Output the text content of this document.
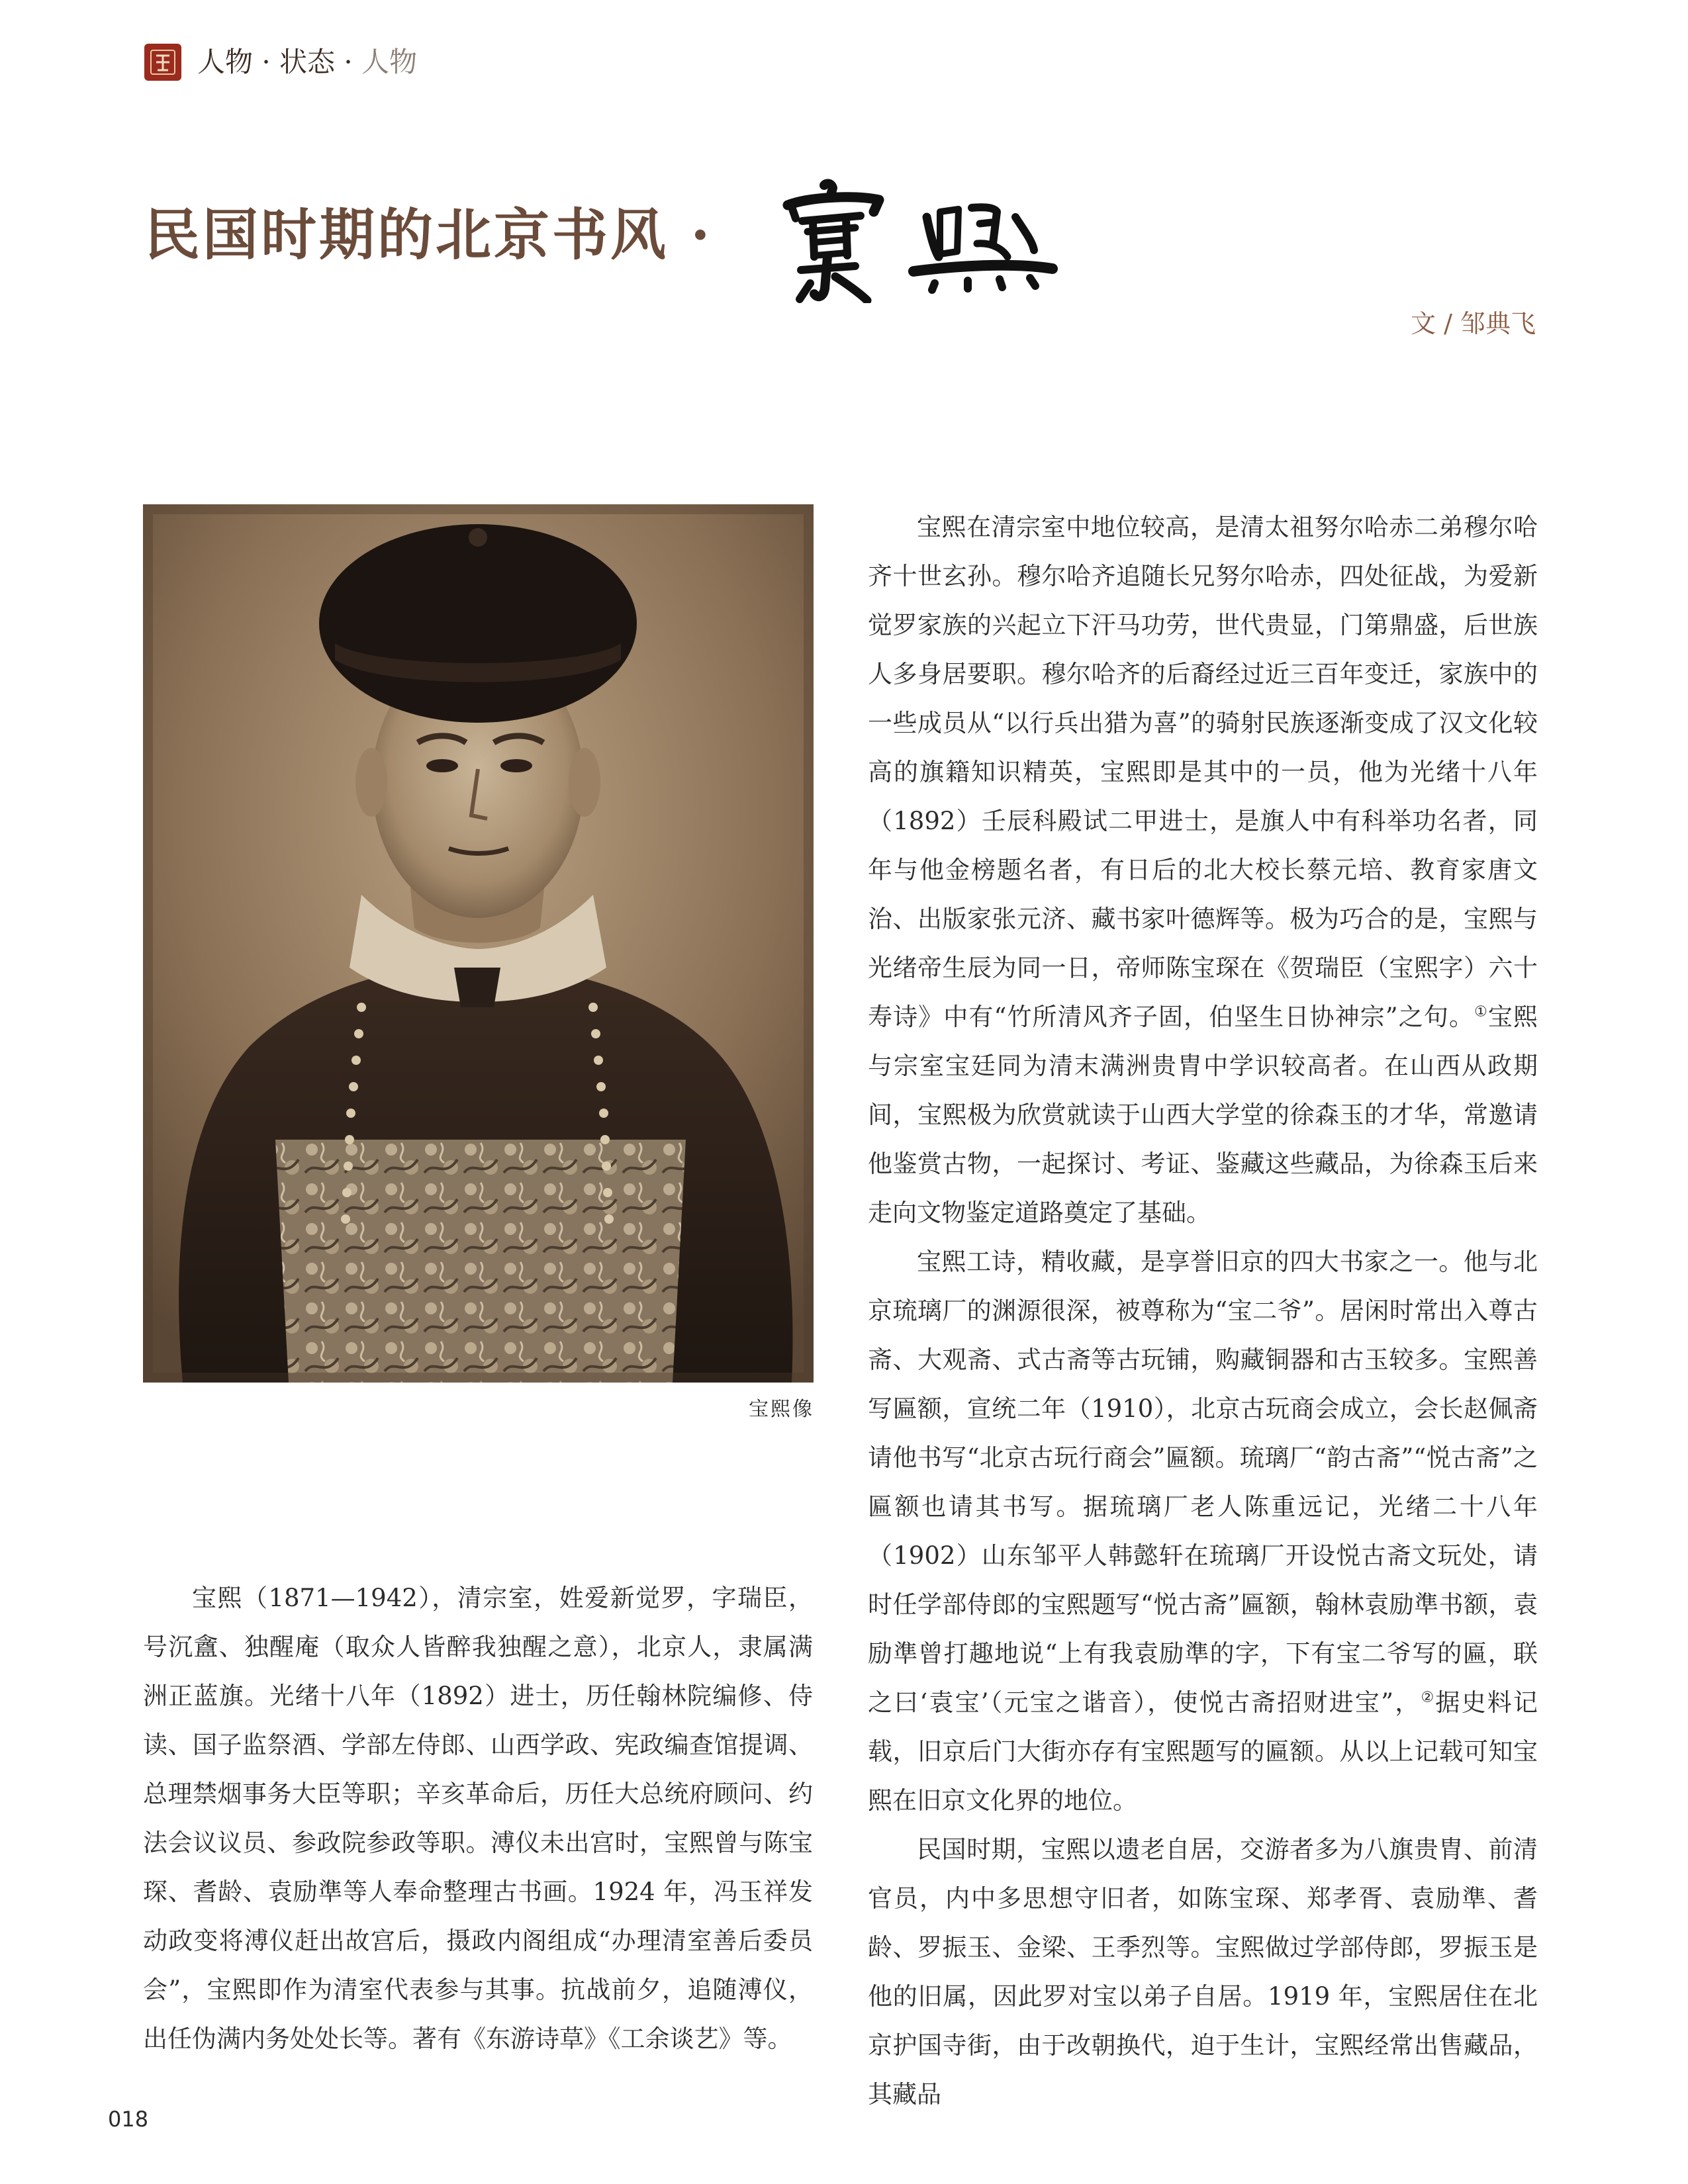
人物 · 状态 · 人物
民国时期的北京书风 ·
文 / 邹典飞
宝熙像

宝熙（1871—1942），清宗室，姓爱新觉罗，字瑞臣，号沉盦、独醒庵（取众人皆醉我独醒之意），北京人，隶属满洲正蓝旗。光绪十八年（1892）进士，历任翰林院编修、侍读、国子监祭酒、学部左侍郎、山西学政、宪政编查馆提调、总理禁烟事务大臣等职；辛亥革命后，历任大总统府顾问、约法会议议员、参政院参政等职。溥仪未出宫时，宝熙曾与陈宝琛、耆龄、袁励準等人奉命整理古书画。1924 年，冯玉祥发动政变将溥仪赶出故宫后，摄政内阁组成“办理清室善后委员会”，宝熙即作为清室代表参与其事。抗战前夕，追随溥仪，出任伪满内务处处长等。著有《东游诗草》《工余谈艺》等。

宝熙在清宗室中地位较高，是清太祖努尔哈赤二弟穆尔哈齐十世玄孙。穆尔哈齐追随长兄努尔哈赤，四处征战，为爱新觉罗家族的兴起立下汗马功劳，世代贵显，门第鼎盛，后世族人多身居要职。穆尔哈齐的后裔经过近三百年变迁，家族中的一些成员从“以行兵出猎为喜”的骑射民族逐渐变成了汉文化较高的旗籍知识精英，宝熙即是其中的一员，他为光绪十八年（1892）壬辰科殿试二甲进士，是旗人中有科举功名者，同年与他金榜题名者，有日后的北大校长蔡元培、教育家唐文治、出版家张元济、藏书家叶德辉等。极为巧合的是，宝熙与光绪帝生辰为同一日，帝师陈宝琛在《贺瑞臣（宝熙字）六十寿诗》中有“竹所清风齐子固，伯坚生日协神宗”之句。①宝熙与宗室宝廷同为清末满洲贵胄中学识较高者。在山西从政期间，宝熙极为欣赏就读于山西大学堂的徐森玉的才华，常邀请他鉴赏古物，一起探讨、考证、鉴藏这些藏品，为徐森玉后来走向文物鉴定道路奠定了基础。

宝熙工诗，精收藏，是享誉旧京的四大书家之一。他与北京琉璃厂的渊源很深，被尊称为“宝二爷”。居闲时常出入尊古斋、大观斋、式古斋等古玩铺，购藏铜器和古玉较多。宝熙善写匾额，宣统二年（1910），北京古玩商会成立，会长赵佩斋请他书写“北京古玩行商会”匾额。琉璃厂“韵古斋”“悦古斋”之匾额也请其书写。据琉璃厂老人陈重远记，光绪二十八年（1902）山东邹平人韩懿轩在琉璃厂开设悦古斋文玩处，请时任学部侍郎的宝熙题写“悦古斋”匾额，翰林袁励準书额，袁励準曾打趣地说“上有我袁励準的字，下有宝二爷写的匾，联之曰‘袁宝’（元宝之谐音），使悦古斋招财进宝”，②据史料记载，旧京后门大街亦存有宝熙题写的匾额。从以上记载可知宝熙在旧京文化界的地位。

民国时期，宝熙以遗老自居，交游者多为八旗贵胄、前清官员，内中多思想守旧者，如陈宝琛、郑孝胥、袁励準、耆龄、罗振玉、金梁、王季烈等。宝熙做过学部侍郎，罗振玉是他的旧属，因此罗对宝以弟子自居。1919 年，宝熙居住在北京护国寺街，由于改朝换代，迫于生计，宝熙经常出售藏品，其藏品

018
